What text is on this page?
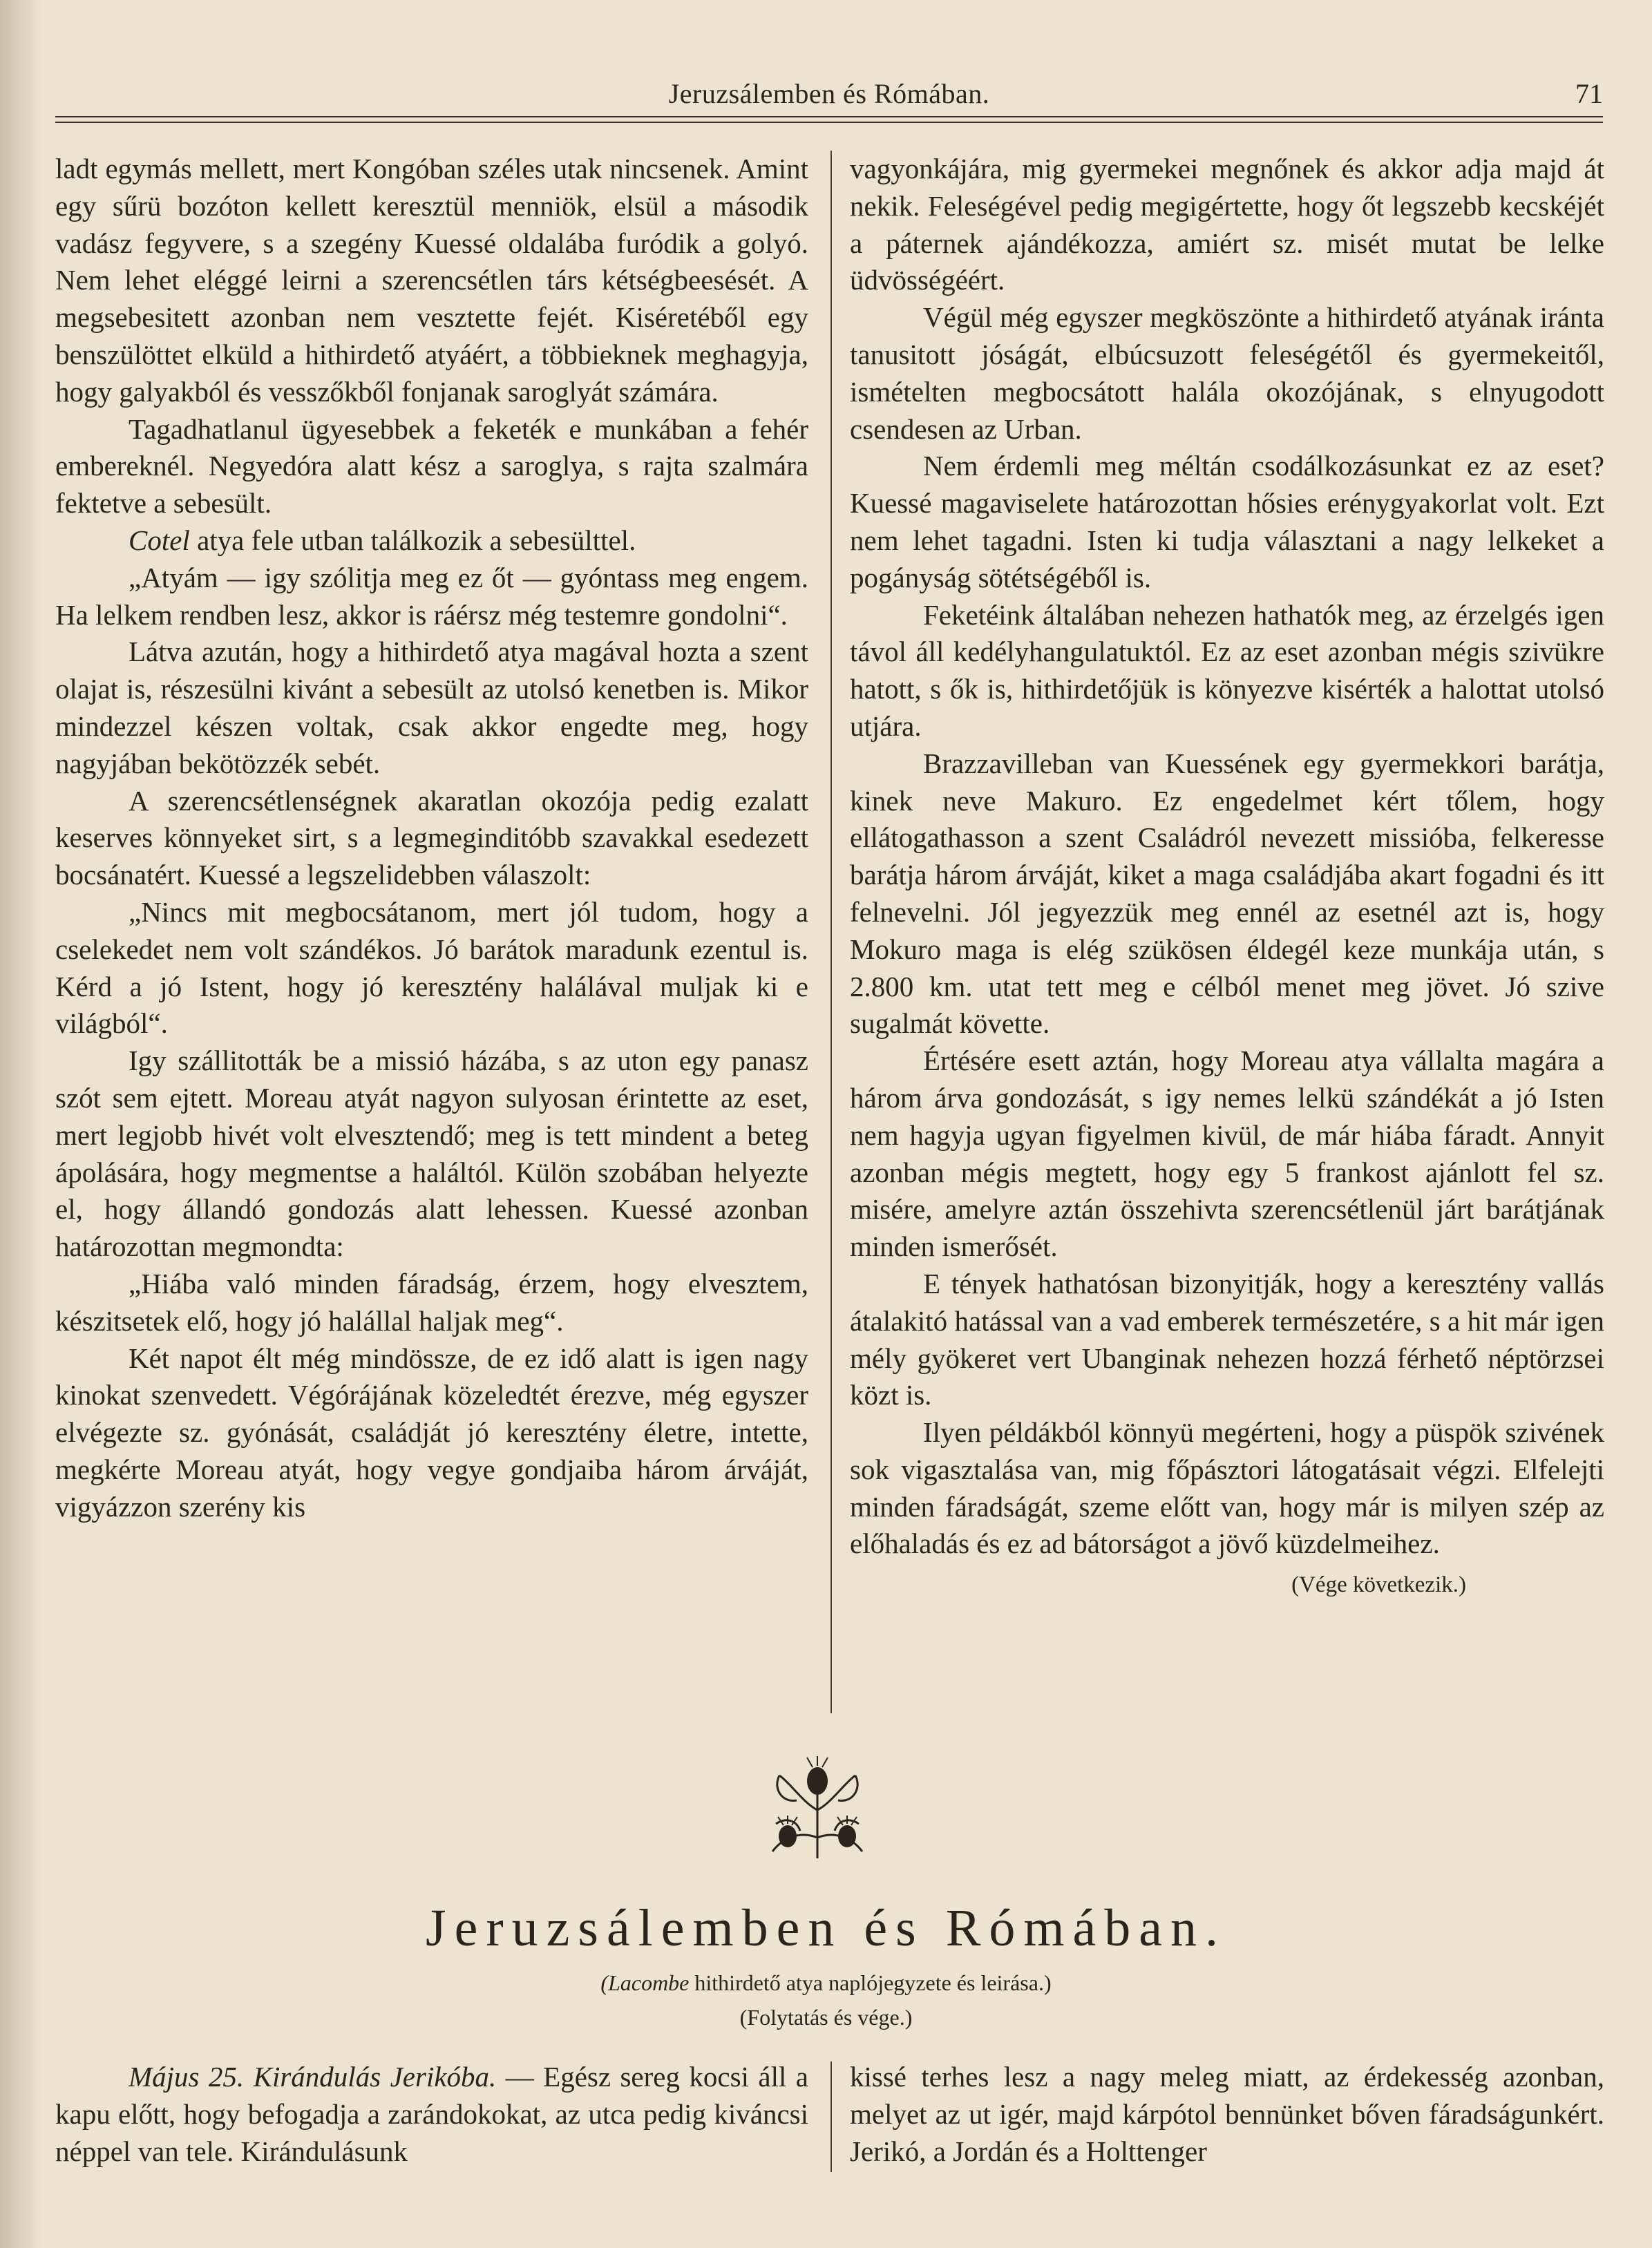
Jeruzsálemben és Rómában.	71

ladt egymás mellett, mert Kongóban széles utak nincsenek. Amint egy sűrü bozóton kellett keresztül menniök, elsül a második vadász fegyvere, s a szegény Kuessé oldalába furódik a golyó. Nem lehet eléggé leirni a szerencsétlen társ kétségbeesését. A megsebesitett azonban nem vesztette fejét. Kiséretéből egy benszülöttet elküld a hithirdető atyáért, a többieknek meghagyja, hogy galyakból és vesszőkből fonjanak saroglyát számára.

Tagadhatlanul ügyesebbek a feketék e munkában a fehér embereknél. Negyedóra alatt kész a saroglya, s rajta szalmára fektetve a sebesült.

Cotel atya fele utban találkozik a sebesülttel.

„Atyám — igy szólitja meg ez őt — gyóntass meg engem. Ha lelkem rendben lesz, akkor is ráérsz még testemre gondolni“.

Látva azután, hogy a hithirdető atya magával hozta a szent olajat is, részesülni kivánt a sebesült az utolsó kenetben is. Mikor mindezzel készen voltak, csak akkor engedte meg, hogy nagyjában bekötözzék sebét.

A szerencsétlenségnek akaratlan okozója pedig ezalatt keserves könnyeket sirt, s a legmeginditóbb szavakkal esedezett bocsánatért. Kuessé a legszelidebben válaszolt:

„Nincs mit megbocsátanom, mert jól tudom, hogy a cselekedet nem volt szándékos. Jó barátok maradunk ezentul is. Kérd a jó Istent, hogy jó keresztény halálával muljak ki e világból“.

Igy szállitották be a missió házába, s az uton egy panasz szót sem ejtett. Moreau atyát nagyon sulyosan érintette az eset, mert legjobb hivét volt elvesztendő; meg is tett mindent a beteg ápolására, hogy megmentse a haláltól. Külön szobában helyezte el, hogy állandó gondozás alatt lehessen. Kuessé azonban határozottan megmondta:

„Hiába való minden fáradság, érzem, hogy elvesztem, készitsetek elő, hogy jó halállal haljak meg“.

Két napot élt még mindössze, de ez idő alatt is igen nagy kinokat szenvedett. Végórájának közeledtét érezve, még egyszer elvégezte sz. gyónását, családját jó keresztény életre, intette, megkérte Moreau atyát, hogy vegye gondjaiba három árváját, vigyázzon szerény kis

vagyonkájára, mig gyermekei megnőnek és akkor adja majd át nekik. Feleségével pedig megigértette, hogy őt legszebb kecskéjét a páternek ajándékozza, amiért sz. misét mutat be lelke üdvösségéért.

Végül még egyszer megköszönte a hithirdető atyának iránta tanusitott jóságát, elbúcsuzott feleségétől és gyermekeitől, ismételten megbocsátott halála okozójának, s elnyugodott csendesen az Urban.

Nem érdemli meg méltán csodálkozásunkat ez az eset? Kuessé magaviselete határozottan hősies erénygyakorlat volt. Ezt nem lehet tagadni. Isten ki tudja választani a nagy lelkeket a pogányság sötétségéből is.

Feketéink általában nehezen hathatók meg, az érzelgés igen távol áll kedélyhangulatuktól. Ez az eset azonban mégis szivükre hatott, s ők is, hithirdetőjük is könyezve kisérték a halottat utolsó utjára.

Brazzavilleban van Kuessének egy gyermekkori barátja, kinek neve Makuro. Ez engedelmet kért tőlem, hogy ellátogathasson a szent Családról nevezett missióba, felkeresse barátja három árváját, kiket a maga családjába akart fogadni és itt felnevelni. Jól jegyezzük meg ennél az esetnél azt is, hogy Mokuro maga is elég szükösen éldegél keze munkája után, s 2.800 km. utat tett meg e célból menet meg jövet. Jó szive sugalmát követte.

Értésére esett aztán, hogy Moreau atya vállalta magára a három árva gondozását, s igy nemes lelkü szándékát a jó Isten nem hagyja ugyan figyelmen kivül, de már hiába fáradt. Annyit azonban mégis megtett, hogy egy 5 frankost ajánlott fel sz. misére, amelyre aztán összehivta szerencsétlenül járt barátjának minden ismerősét.

E tények hathatósan bizonyitják, hogy a keresztény vallás átalakitó hatással van a vad emberek természetére, s a hit már igen mély gyökeret vert Ubanginak nehezen hozzá férhető néptörzsei közt is.

Ilyen példákból könnyü megérteni, hogy a püspök szivének sok vigasztalása van, mig főpásztori látogatásait végzi. Elfelejti minden fáradságát, szeme előtt van, hogy már is milyen szép az előhaladás és ez ad bátorságot a jövő küzdelmeihez.

(Vége következik.)
Jeruzsálemben és Rómában.
(Lacombe hithirdető atya naplójegyzete és leirása.)
(Folytatás és vége.)

Május 25. Kirándulás Jerikóba. — Egész sereg kocsi áll a kapu előtt, hogy befogadja a zarándokokat, az utca pedig kiváncsi néppel van tele. Kirándulásunk

kissé terhes lesz a nagy meleg miatt, az érdekesség azonban, melyet az ut igér, majd kárpótol bennünket bőven fáradságunkért. Jerikó, a Jordán és a Holttenger
